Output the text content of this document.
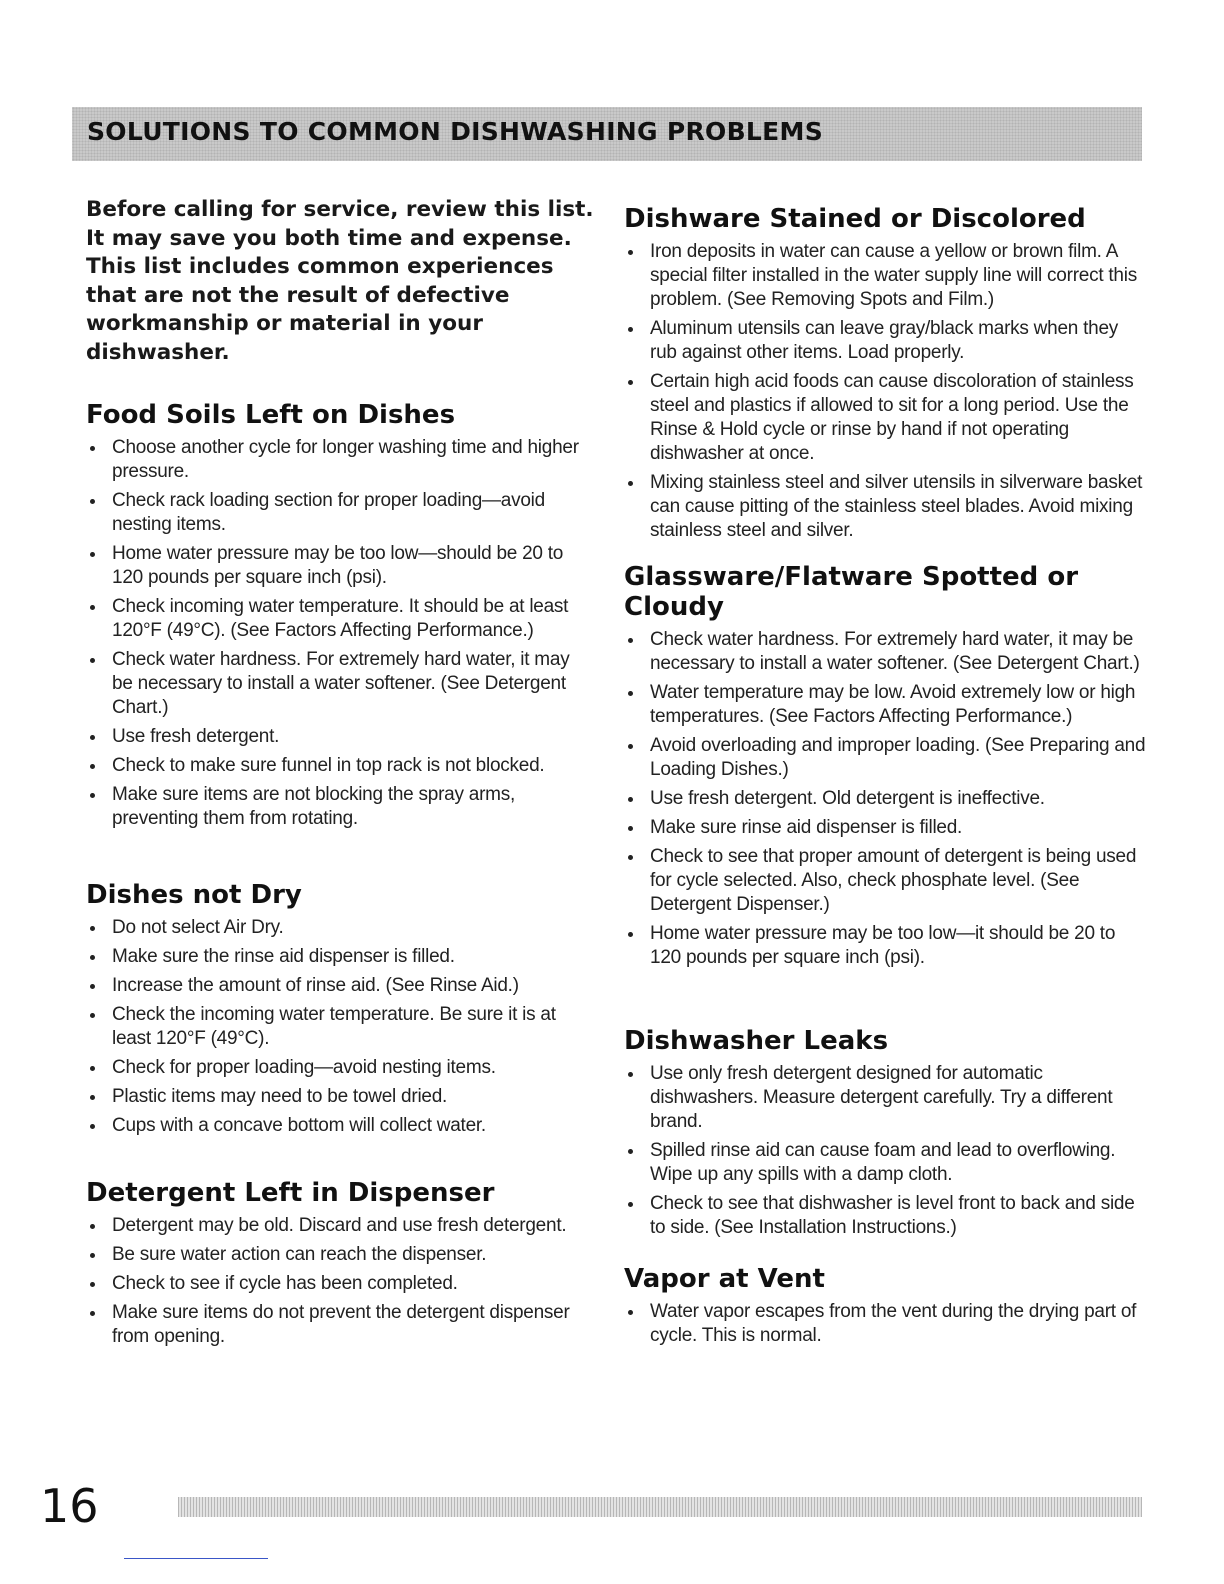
SOLUTIONS TO COMMON DISHWASHING PROBLEMS

Before calling for service, review this list. It may save you both time and expense. This list includes common experiences that are not the result of defective workmanship or material in your dishwasher.

Food Soils Left on Dishes
Choose another cycle for longer washing time and higher pressure.
Check rack loading section for proper loading—avoid nesting items.
Home water pressure may be too low—should be 20 to 120 pounds per square inch (psi).
Check incoming water temperature. It should be at least 120°F (49°C). (See Factors Affecting Performance.)
Check water hardness. For extremely hard water, it may be necessary to install a water softener. (See Detergent Chart.)
Use fresh detergent.
Check to make sure funnel in top rack is not blocked.
Make sure items are not blocking the spray arms, preventing them from rotating.
Dishes not Dry
Do not select Air Dry.
Make sure the rinse aid dispenser is filled.
Increase the amount of rinse aid. (See Rinse Aid.)
Check the incoming water temperature. Be sure it is at least 120°F (49°C).
Check for proper loading—avoid nesting items.
Plastic items may need to be towel dried.
Cups with a concave bottom will collect water.
Detergent Left in Dispenser
Detergent may be old. Discard and use fresh detergent.
Be sure water action can reach the dispenser.
Check to see if cycle has been completed.
Make sure items do not prevent the detergent dispenser from opening.
Dishware Stained or Discolored
Iron deposits in water can cause a yellow or brown film. A special filter installed in the water supply line will correct this problem. (See Removing Spots and Film.)
Aluminum utensils can leave gray/black marks when they rub against other items. Load properly.
Certain high acid foods can cause discoloration of stainless steel and plastics if allowed to sit for a long period. Use the Rinse & Hold cycle or rinse by hand if not operating dishwasher at once.
Mixing stainless steel and silver utensils in silverware basket can cause pitting of the stainless steel blades. Avoid mixing stainless steel and silver.
Glassware/Flatware Spotted or Cloudy
Check water hardness. For extremely hard water, it may be necessary to install a water softener. (See Detergent Chart.)
Water temperature may be low. Avoid extremely low or high temperatures. (See Factors Affecting Performance.)
Avoid overloading and improper loading. (See Preparing and Loading Dishes.)
Use fresh detergent. Old detergent is ineffective.
Make sure rinse aid dispenser is filled.
Check to see that proper amount of detergent is being used for cycle selected. Also, check phosphate level. (See Detergent Dispenser.)
Home water pressure may be too low—it should be 20 to 120 pounds per square inch (psi).
Dishwasher Leaks
Use only fresh detergent designed for automatic dishwashers. Measure detergent carefully. Try a different brand.
Spilled rinse aid can cause foam and lead to overflowing. Wipe up any spills with a damp cloth.
Check to see that dishwasher is level front to back and side to side. (See Installation Instructions.)
Vapor at Vent
Water vapor escapes from the vent during the drying part of cycle. This is normal.
16
